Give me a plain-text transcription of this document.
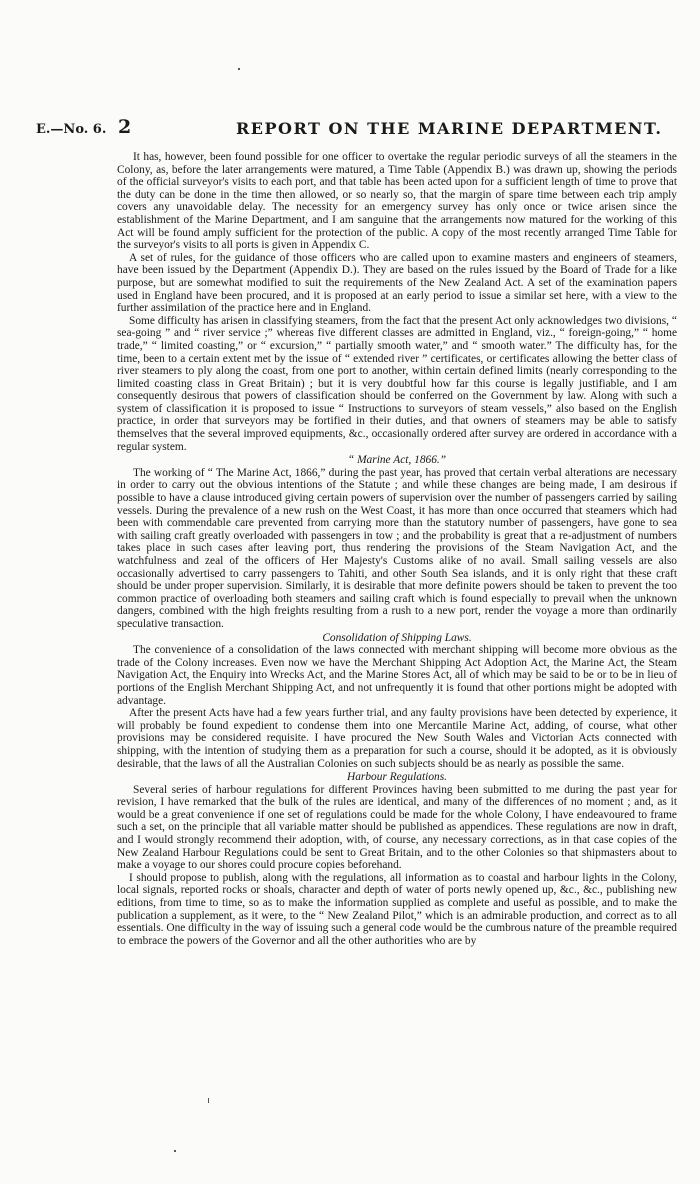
E.—No. 6. 2	REPORT ON THE MARINE DEPARTMENT.

It has, however, been found possible for one officer to overtake the regular periodic surveys of all the steamers in the Colony, as, before the later arrangements were matured, a Time Table (Appendix B.) was drawn up, showing the periods of the official surveyor's visits to each port, and that table has been acted upon for a sufficient length of time to prove that the duty can be done in the time then allowed, or so nearly so, that the margin of spare time between each trip amply covers any unavoidable delay. The necessity for an emergency survey has only once or twice arisen since the establishment of the Marine Department, and I am sanguine that the arrangements now matured for the working of this Act will be found amply sufficient for the protection of the public. A copy of the most recently arranged Time Table for the surveyor's visits to all ports is given in Appendix C.

A set of rules, for the guidance of those officers who are called upon to examine masters and engineers of steamers, have been issued by the Department (Appendix D.). They are based on the rules issued by the Board of Trade for a like purpose, but are somewhat modified to suit the requirements of the New Zealand Act. A set of the examination papers used in England have been procured, and it is proposed at an early period to issue a similar set here, with a view to the further assimilation of the practice here and in England.

Some difficulty has arisen in classifying steamers, from the fact that the present Act only acknowledges two divisions, “ sea-going ” and “ river service ;” whereas five different classes are admitted in England, viz., “ foreign-going,” “ home trade,” “ limited coasting,” or “ excursion,” “ partially smooth water,” and “ smooth water.” The difficulty has, for the time, been to a certain extent met by the issue of “ extended river ” certificates, or certificates allowing the better class of river steamers to ply along the coast, from one port to another, within certain defined limits (nearly corresponding to the limited coasting class in Great Britain) ; but it is very doubtful how far this course is legally justifiable, and I am consequently desirous that powers of classification should be conferred on the Government by law. Along with such a system of classification it is proposed to issue “ Instructions to surveyors of steam vessels,” also based on the English practice, in order that surveyors may be fortified in their duties, and that owners of steamers may be able to satisfy themselves that the several improved equipments, &c., occasionally ordered after survey are ordered in accordance with a regular system.

“ Marine Act, 1866.”

The working of “ The Marine Act, 1866,” during the past year, has proved that certain verbal alterations are necessary in order to carry out the obvious intentions of the Statute ; and while these changes are being made, I am desirous if possible to have a clause introduced giving certain powers of supervision over the number of passengers carried by sailing vessels. During the prevalence of a new rush on the West Coast, it has more than once occurred that steamers which had been with commendable care prevented from carrying more than the statutory number of passengers, have gone to sea with sailing craft greatly overloaded with passengers in tow ; and the probability is great that a re-adjustment of numbers takes place in such cases after leaving port, thus rendering the provisions of the Steam Navigation Act, and the watchfulness and zeal of the officers of Her Majesty's Customs alike of no avail. Small sailing vessels are also occasionally advertised to carry passengers to Tahiti, and other South Sea islands, and it is only right that these craft should be under proper supervision. Similarly, it is desirable that more definite powers should be taken to prevent the too common practice of overloading both steamers and sailing craft which is found especially to prevail when the unknown dangers, combined with the high freights resulting from a rush to a new port, render the voyage a more than ordinarily speculative transaction.

Consolidation of Shipping Laws.

The convenience of a consolidation of the laws connected with merchant shipping will become more obvious as the trade of the Colony increases. Even now we have the Merchant Shipping Act Adoption Act, the Marine Act, the Steam Navigation Act, the Enquiry into Wrecks Act, and the Marine Stores Act, all of which may be said to be or to be in lieu of portions of the English Merchant Shipping Act, and not unfrequently it is found that other portions might be adopted with advantage.

After the present Acts have had a few years further trial, and any faulty provisions have been detected by experience, it will probably be found expedient to condense them into one Mercantile Marine Act, adding, of course, what other provisions may be considered requisite. I have procured the New South Wales and Victorian Acts connected with shipping, with the intention of studying them as a preparation for such a course, should it be adopted, as it is obviously desirable, that the laws of all the Australian Colonies on such subjects should be as nearly as possible the same.

Harbour Regulations.

Several series of harbour regulations for different Provinces having been submitted to me during the past year for revision, I have remarked that the bulk of the rules are identical, and many of the differences of no moment ; and, as it would be a great convenience if one set of regulations could be made for the whole Colony, I have endeavoured to frame such a set, on the principle that all variable matter should be published as appendices. These regulations are now in draft, and I would strongly recommend their adoption, with, of course, any necessary corrections, as in that case copies of the New Zealand Harbour Regulations could be sent to Great Britain, and to the other Colonies so that shipmasters about to make a voyage to our shores could procure copies beforehand.

I should propose to publish, along with the regulations, all information as to coastal and harbour lights in the Colony, local signals, reported rocks or shoals, character and depth of water of ports newly opened up, &c., &c., publishing new editions, from time to time, so as to make the information supplied as complete and useful as possible, and to make the publication a supplement, as it were, to the “ New Zealand Pilot,” which is an admirable production, and correct as to all essentials. One difficulty in the way of issuing such a general code would be the cumbrous nature of the preamble required to embrace the powers of the Governor and all the other authorities who are by
